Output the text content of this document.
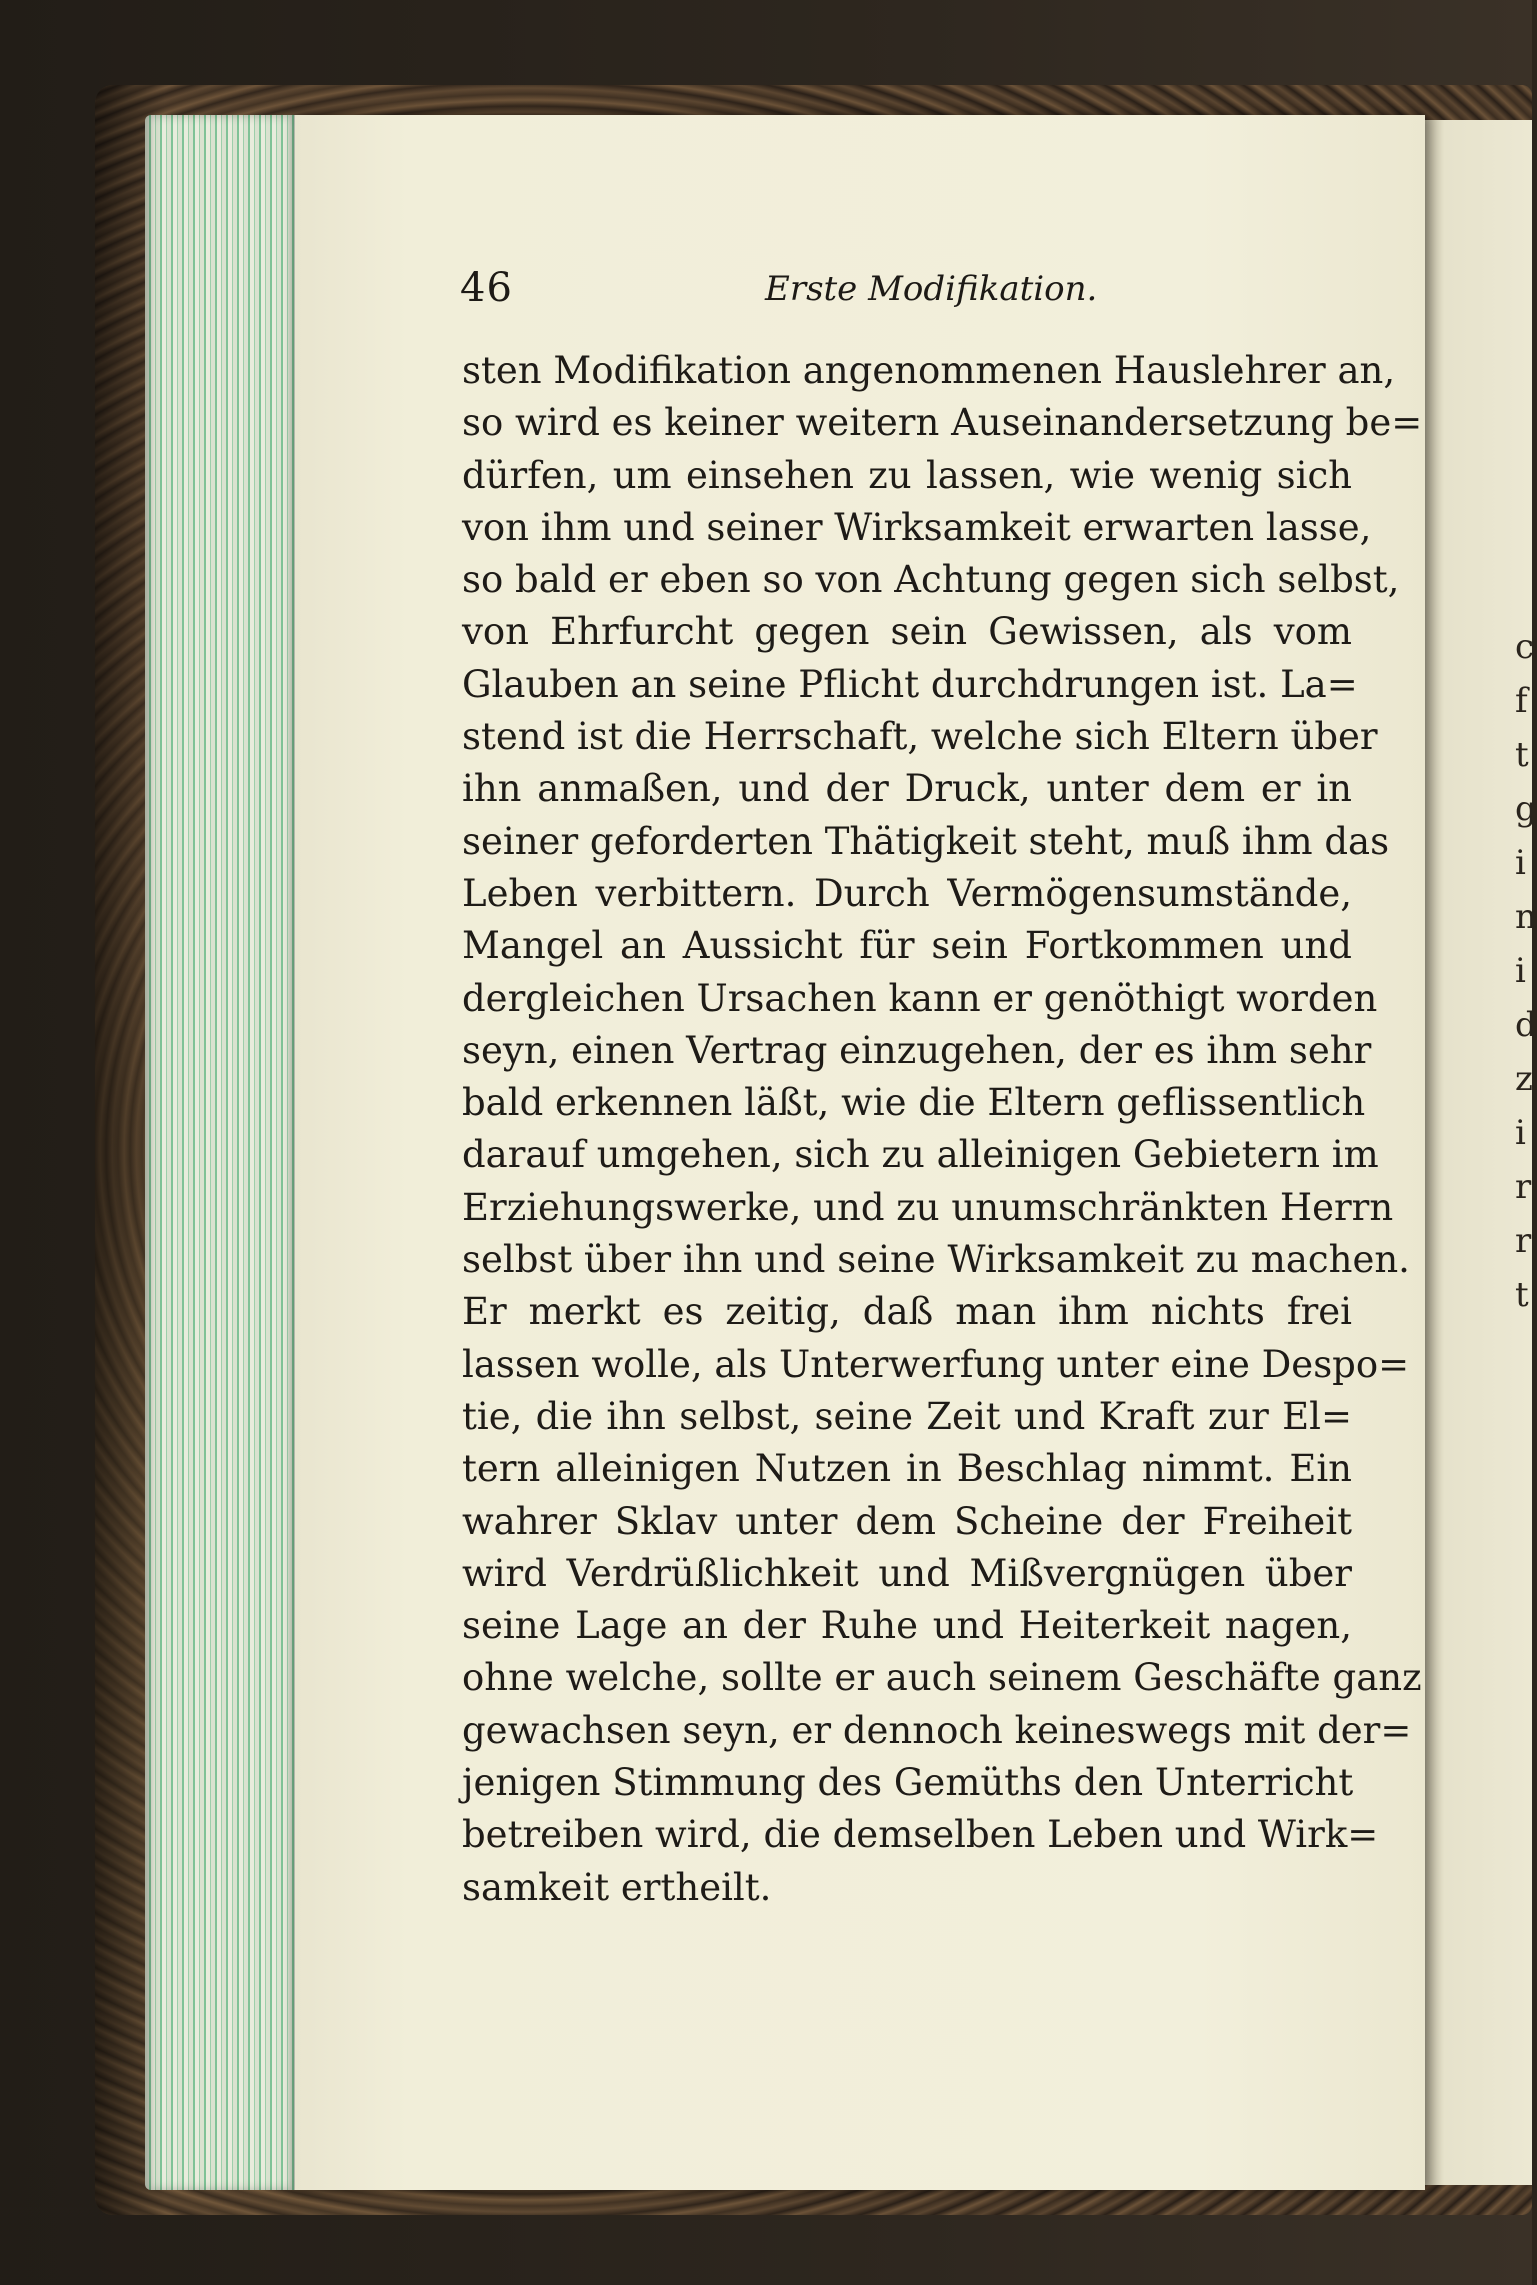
c
f
t
g
i
n
i
d
z
i
r
r
t
46	Erste Modifikation.
sten Modifikation angenommenen Hauslehrer an,
so wird es keiner weitern Auseinandersetzung be=
dürfen, um einsehen zu lassen, wie wenig sich
von ihm und seiner Wirksamkeit erwarten lasse,
so bald er eben so von Achtung gegen sich selbst,
von Ehrfurcht gegen sein Gewissen, als vom
Glauben an seine Pflicht durchdrungen ist. La=
stend ist die Herrschaft, welche sich Eltern über
ihn anmaßen, und der Druck, unter dem er in
seiner geforderten Thätigkeit steht, muß ihm das
Leben verbittern. Durch Vermögensumstände,
Mangel an Aussicht für sein Fortkommen und
dergleichen Ursachen kann er genöthigt worden
seyn, einen Vertrag einzugehen, der es ihm sehr
bald erkennen läßt, wie die Eltern geflissentlich
darauf umgehen, sich zu alleinigen Gebietern im
Erziehungswerke, und zu unumschränkten Herrn
selbst über ihn und seine Wirksamkeit zu machen.
Er merkt es zeitig, daß man ihm nichts frei
lassen wolle, als Unterwerfung unter eine Despo=
tie, die ihn selbst, seine Zeit und Kraft zur El=
tern alleinigen Nutzen in Beschlag nimmt. Ein
wahrer Sklav unter dem Scheine der Freiheit
wird Verdrüßlichkeit und Mißvergnügen über
seine Lage an der Ruhe und Heiterkeit nagen,
ohne welche, sollte er auch seinem Geschäfte ganz
gewachsen seyn, er dennoch keineswegs mit der=
jenigen Stimmung des Gemüths den Unterricht
betreiben wird, die demselben Leben und Wirk=
samkeit ertheilt.
